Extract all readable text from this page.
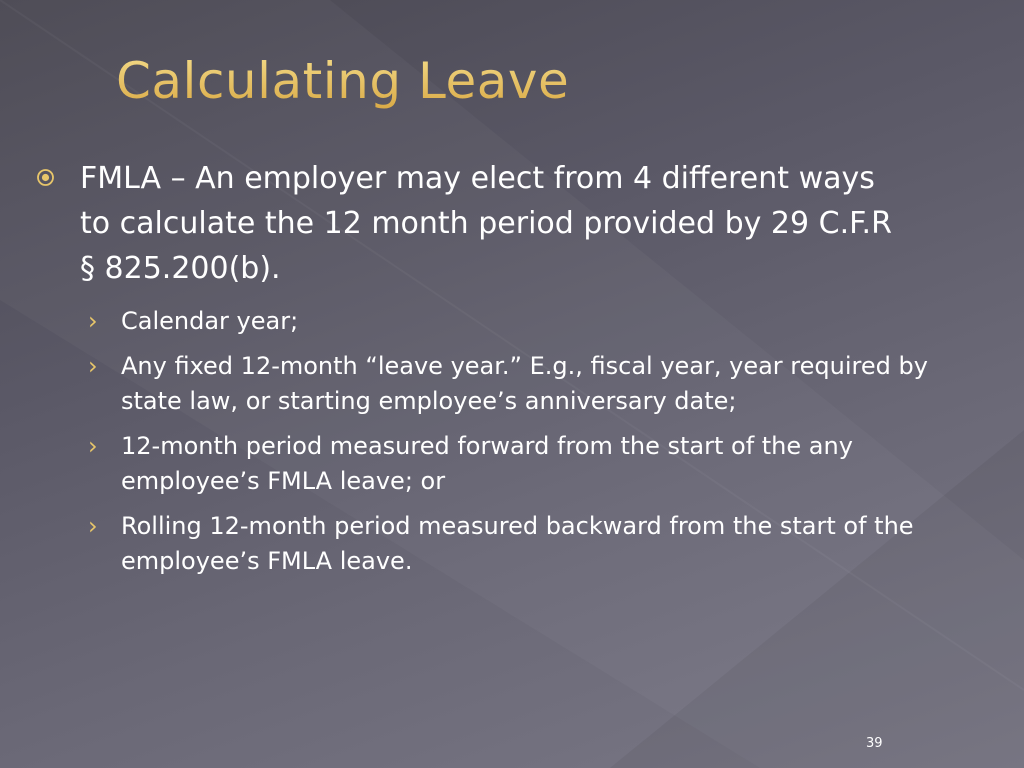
Calculating Leave

FMLA – An employer may elect from 4 different ways to calculate the 12 month period provided by 29 C.F.R § 825.200(b).

› Calendar year;
› Any fixed 12-month “leave year.” E.g., fiscal year, year required by state law, or starting employee’s anniversary date;
› 12-month period measured forward from the start of the any employee’s FMLA leave; or
› Rolling 12-month period measured backward from the start of the employee’s FMLA leave.
39
